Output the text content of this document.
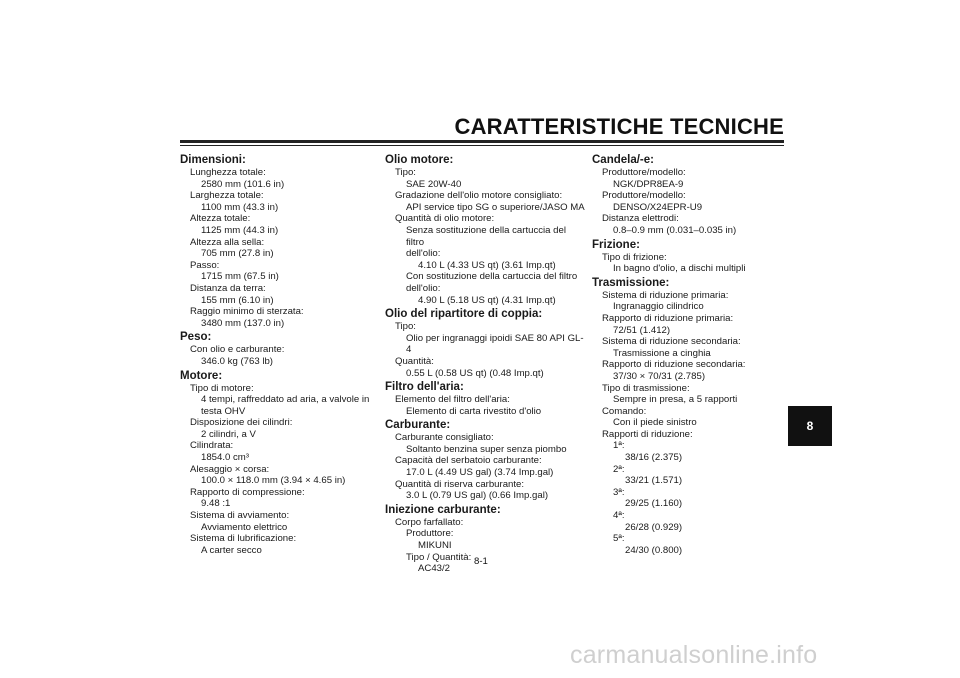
CARATTERISTICHE TECNICHE
Dimensioni:
Lunghezza totale:
2580 mm (101.6 in)
Larghezza totale:
1100 mm (43.3 in)
Altezza totale:
1125 mm (44.3 in)
Altezza alla sella:
705 mm (27.8 in)
Passo:
1715 mm (67.5 in)
Distanza da terra:
155 mm (6.10 in)
Raggio minimo di sterzata:
3480 mm (137.0 in)
Peso:
Con olio e carburante:
346.0 kg (763 lb)
Motore:
Tipo di motore:
4 tempi, raffreddato ad aria, a valvole in
testa OHV
Disposizione dei cilindri:
2 cilindri, a V
Cilindrata:
1854.0 cm³
Alesaggio × corsa:
100.0 × 118.0 mm (3.94 × 4.65 in)
Rapporto di compressione:
9.48 :1
Sistema di avviamento:
Avviamento elettrico
Sistema di lubrificazione:
A carter secco
Olio motore:
Tipo:
SAE 20W-40
Gradazione dell'olio motore consigliato:
API service tipo SG o superiore/JASO MA
Quantità di olio motore:
Senza sostituzione della cartuccia del filtro
dell'olio:
4.10 L (4.33 US qt) (3.61 Imp.qt)
Con sostituzione della cartuccia del filtro
dell'olio:
4.90 L (5.18 US qt) (4.31 Imp.qt)
Olio del ripartitore di coppia:
Tipo:
Olio per ingranaggi ipoidi SAE 80 API GL-4
Quantità:
0.55 L (0.58 US qt) (0.48 Imp.qt)
Filtro dell'aria:
Elemento del filtro dell'aria:
Elemento di carta rivestito d'olio
Carburante:
Carburante consigliato:
Soltanto benzina super senza piombo
Capacità del serbatoio carburante:
17.0 L (4.49 US gal) (3.74 Imp.gal)
Quantità di riserva carburante:
3.0 L (0.79 US gal) (0.66 Imp.gal)
Iniezione carburante:
Corpo farfallato:
Produttore:
MIKUNI
Tipo / Quantità:
AC43/2
Candela/-e:
Produttore/modello:
NGK/DPR8EA-9
Produttore/modello:
DENSO/X24EPR-U9
Distanza elettrodi:
0.8–0.9 mm (0.031–0.035 in)
Frizione:
Tipo di frizione:
In bagno d'olio, a dischi multipli
Trasmissione:
Sistema di riduzione primaria:
Ingranaggio cilindrico
Rapporto di riduzione primaria:
72/51 (1.412)
Sistema di riduzione secondaria:
Trasmissione a cinghia
Rapporto di riduzione secondaria:
37/30 × 70/31 (2.785)
Tipo di trasmissione:
Sempre in presa, a 5 rapporti
Comando:
Con il piede sinistro
Rapporti di riduzione:
1ª:
38/16 (2.375)
2ª:
33/21 (1.571)
3ª:
29/25 (1.160)
4ª:
26/28 (0.929)
5ª:
24/30 (0.800)
8
8-1
carmanualsonline.info
